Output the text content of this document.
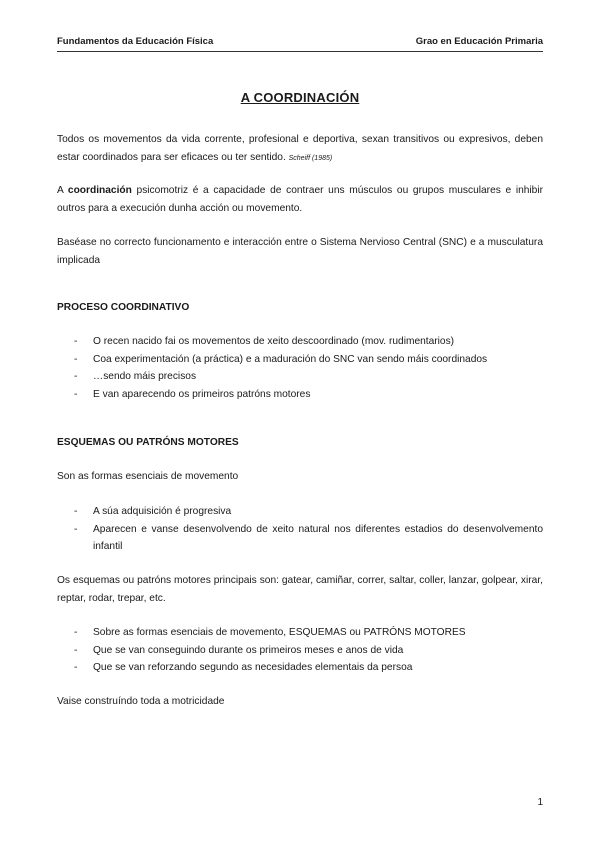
Fundamentos da Educación Física	Grao en Educación Primaria
A COORDINACIÓN
Todos os movementos da vida corrente, profesional e deportiva, sexan transitivos ou expresivos, deben estar coordinados para ser eficaces ou ter sentido. Scheiff (1985)
A coordinación psicomotriz é a capacidade de contraer uns músculos ou grupos musculares e inhibir outros para a execución dunha acción ou movemento.
Baséase no correcto funcionamento e interacción entre o Sistema Nervioso Central (SNC) e a musculatura implicada
PROCESO COORDINATIVO
- O recen nacido fai os movementos de xeito descoordinado (mov. rudimentarios)
- Coa experimentación (a práctica) e a maduración do SNC van sendo máis coordinados
- …sendo máis precisos
- E van aparecendo os primeiros patróns motores
ESQUEMAS OU PATRÓNS MOTORES
Son as formas esenciais de movemento
- A súa adquisición é progresiva
- Aparecen e vanse desenvolvendo de xeito natural nos diferentes estadios do desenvolvemento infantil
Os esquemas ou patróns motores principais son: gatear, camiñar, correr, saltar, coller, lanzar, golpear, xirar, reptar, rodar, trepar, etc.
- Sobre as formas esenciais de movemento, ESQUEMAS ou PATRÓNS MOTORES
- Que se van conseguindo durante os primeiros meses e anos de vida
- Que se van reforzando segundo as necesidades elementais da persoa
Vaise construíndo toda a motricidade
1
